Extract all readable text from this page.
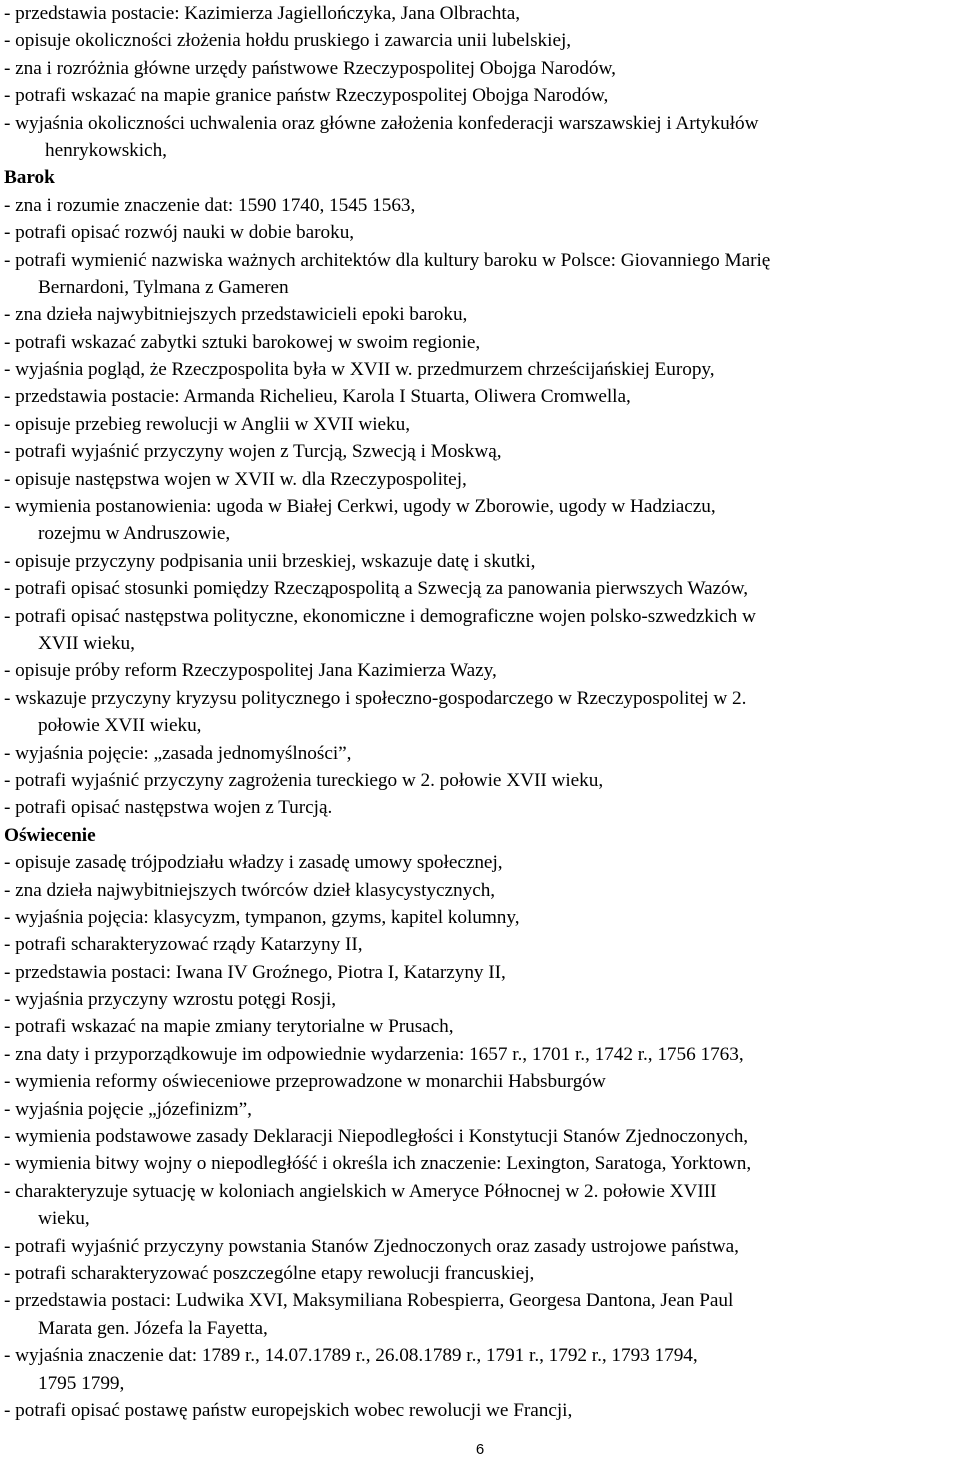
- przedstawia postacie: Kazimierza Jagiellończyka, Jana Olbrachta,
- opisuje okoliczności złożenia hołdu pruskiego i zawarcia unii lubelskiej,
- zna i rozróżnia główne urzędy państwowe Rzeczypospolitej Obojga Narodów,
- potrafi wskazać na mapie granice państw Rzeczypospolitej Obojga Narodów,
- wyjaśnia okoliczności uchwalenia oraz główne założenia konfederacji warszawskiej i Artykułów
henrykowskich,
Barok
- zna i rozumie znaczenie dat: 1590 1740, 1545 1563,
- potrafi opisać rozwój nauki w dobie baroku,
- potrafi wymienić nazwiska ważnych architektów dla kultury baroku w Polsce: Giovanniego Marię
Bernardoni, Tylmana z Gameren
- zna dzieła najwybitniejszych przedstawicieli epoki baroku,
- potrafi wskazać zabytki sztuki barokowej w swoim regionie,
- wyjaśnia pogląd, że Rzeczpospolita była w XVII w. przedmurzem chrześcijańskiej Europy,
- przedstawia postacie: Armanda Richelieu, Karola I Stuarta, Oliwera Cromwella,
- opisuje przebieg rewolucji w Anglii w XVII wieku,
- potrafi wyjaśnić przyczyny wojen z Turcją, Szwecją i Moskwą,
- opisuje następstwa wojen w XVII w. dla Rzeczypospolitej,
- wymienia postanowienia: ugoda w Białej Cerkwi, ugody w Zborowie, ugody w Hadziaczu,
rozejmu w Andruszowie,
- opisuje przyczyny podpisania unii brzeskiej, wskazuje datę i skutki,
- potrafi opisać stosunki pomiędzy Rzecząpospolitą a Szwecją za panowania pierwszych Wazów,
- potrafi opisać następstwa polityczne, ekonomiczne i demograficzne wojen polsko-szwedzkich w
XVII wieku,
- opisuje próby reform Rzeczypospolitej Jana Kazimierza Wazy,
- wskazuje przyczyny kryzysu politycznego i społeczno-gospodarczego w Rzeczypospolitej w 2.
połowie XVII wieku,
- wyjaśnia pojęcie: „zasada jednomyślności”,
- potrafi wyjaśnić przyczyny zagrożenia tureckiego w 2. połowie XVII wieku,
- potrafi opisać następstwa wojen z Turcją.
Oświecenie
- opisuje zasadę trójpodziału władzy i zasadę umowy społecznej,
- zna dzieła najwybitniejszych twórców dzieł klasycystycznych,
- wyjaśnia pojęcia: klasycyzm, tympanon, gzyms, kapitel kolumny,
- potrafi scharakteryzować rządy Katarzyny II,
- przedstawia postaci: Iwana IV Groźnego, Piotra I, Katarzyny II,
- wyjaśnia przyczyny wzrostu potęgi Rosji,
- potrafi wskazać na mapie zmiany terytorialne w Prusach,
- zna daty i przyporządkowuje im odpowiednie wydarzenia: 1657 r., 1701 r., 1742 r., 1756 1763,
- wymienia reformy oświeceniowe przeprowadzone w monarchii Habsburgów
- wyjaśnia pojęcie „józefinizm”,
- wymienia podstawowe zasady Deklaracji Niepodległości i Konstytucji Stanów Zjednoczonych,
- wymienia bitwy wojny o niepodległóść i określa ich znaczenie: Lexington, Saratoga, Yorktown,
- charakteryzuje sytuację w koloniach angielskich w Ameryce Północnej w 2. połowie XVIII
wieku,
- potrafi wyjaśnić przyczyny powstania Stanów Zjednoczonych oraz zasady ustrojowe państwa,
- potrafi scharakteryzować poszczególne etapy rewolucji francuskiej,
- przedstawia postaci: Ludwika XVI, Maksymiliana Robespierra, Georgesa Dantona, Jean Paul
Marata gen. Józefa la Fayetta,
- wyjaśnia znaczenie dat: 1789 r., 14.07.1789 r., 26.08.1789 r., 1791 r., 1792 r., 1793 1794,
1795 1799,
- potrafi opisać postawę państw europejskich wobec rewolucji we Francji,
6
